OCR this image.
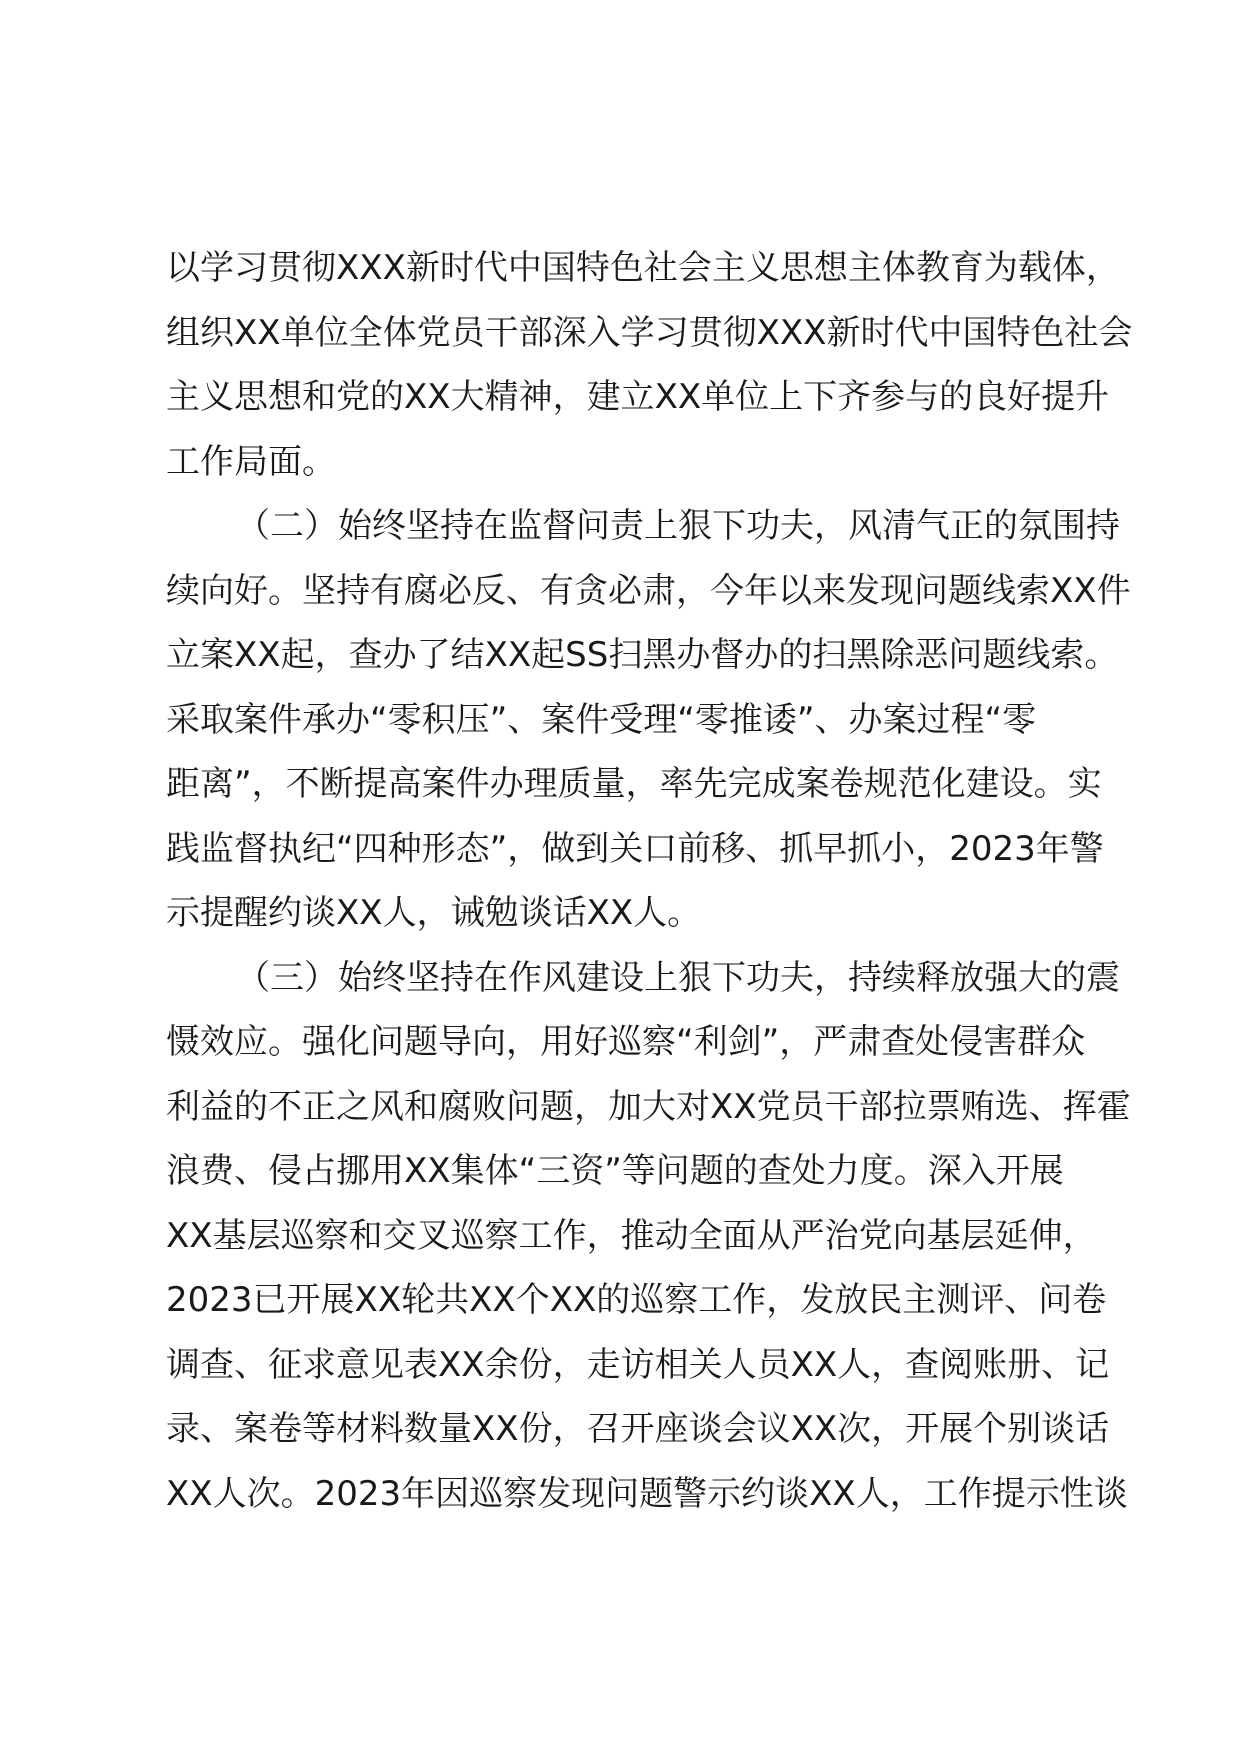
以学习贯彻XXX新时代中国特色社会主义思想主体教育为载体，
组织XX单位全体党员干部深入学习贯彻XXX新时代中国特色社会
主义思想和党的XX大精神，建立XX单位上下齐参与的良好提升
工作局面。
（二）始终坚持在监督问责上狠下功夫，风清气正的氛围持
续向好。坚持有腐必反、有贪必肃，今年以来发现问题线索XX件
立案XX起，查办了结XX起SS扫黑办督办的扫黑除恶问题线索。
采取案件承办“零积压”、案件受理“零推诿”、办案过程“零
距离”，不断提高案件办理质量，率先完成案卷规范化建设。实
践监督执纪“四种形态”，做到关口前移、抓早抓小，2023年警
示提醒约谈XX人，诫勉谈话XX人。
（三）始终坚持在作风建设上狠下功夫，持续释放强大的震
慑效应。强化问题导向，用好巡察“利剑”，严肃查处侵害群众
利益的不正之风和腐败问题，加大对XX党员干部拉票贿选、挥霍
浪费、侵占挪用XX集体“三资”等问题的查处力度。深入开展
XX基层巡察和交叉巡察工作，推动全面从严治党向基层延伸，
2023已开展XX轮共XX个XX的巡察工作，发放民主测评、问卷
调查、征求意见表XX余份，走访相关人员XX人，查阅账册、记
录、案卷等材料数量XX份，召开座谈会议XX次，开展个别谈话
XX人次。2023年因巡察发现问题警示约谈XX人，工作提示性谈
